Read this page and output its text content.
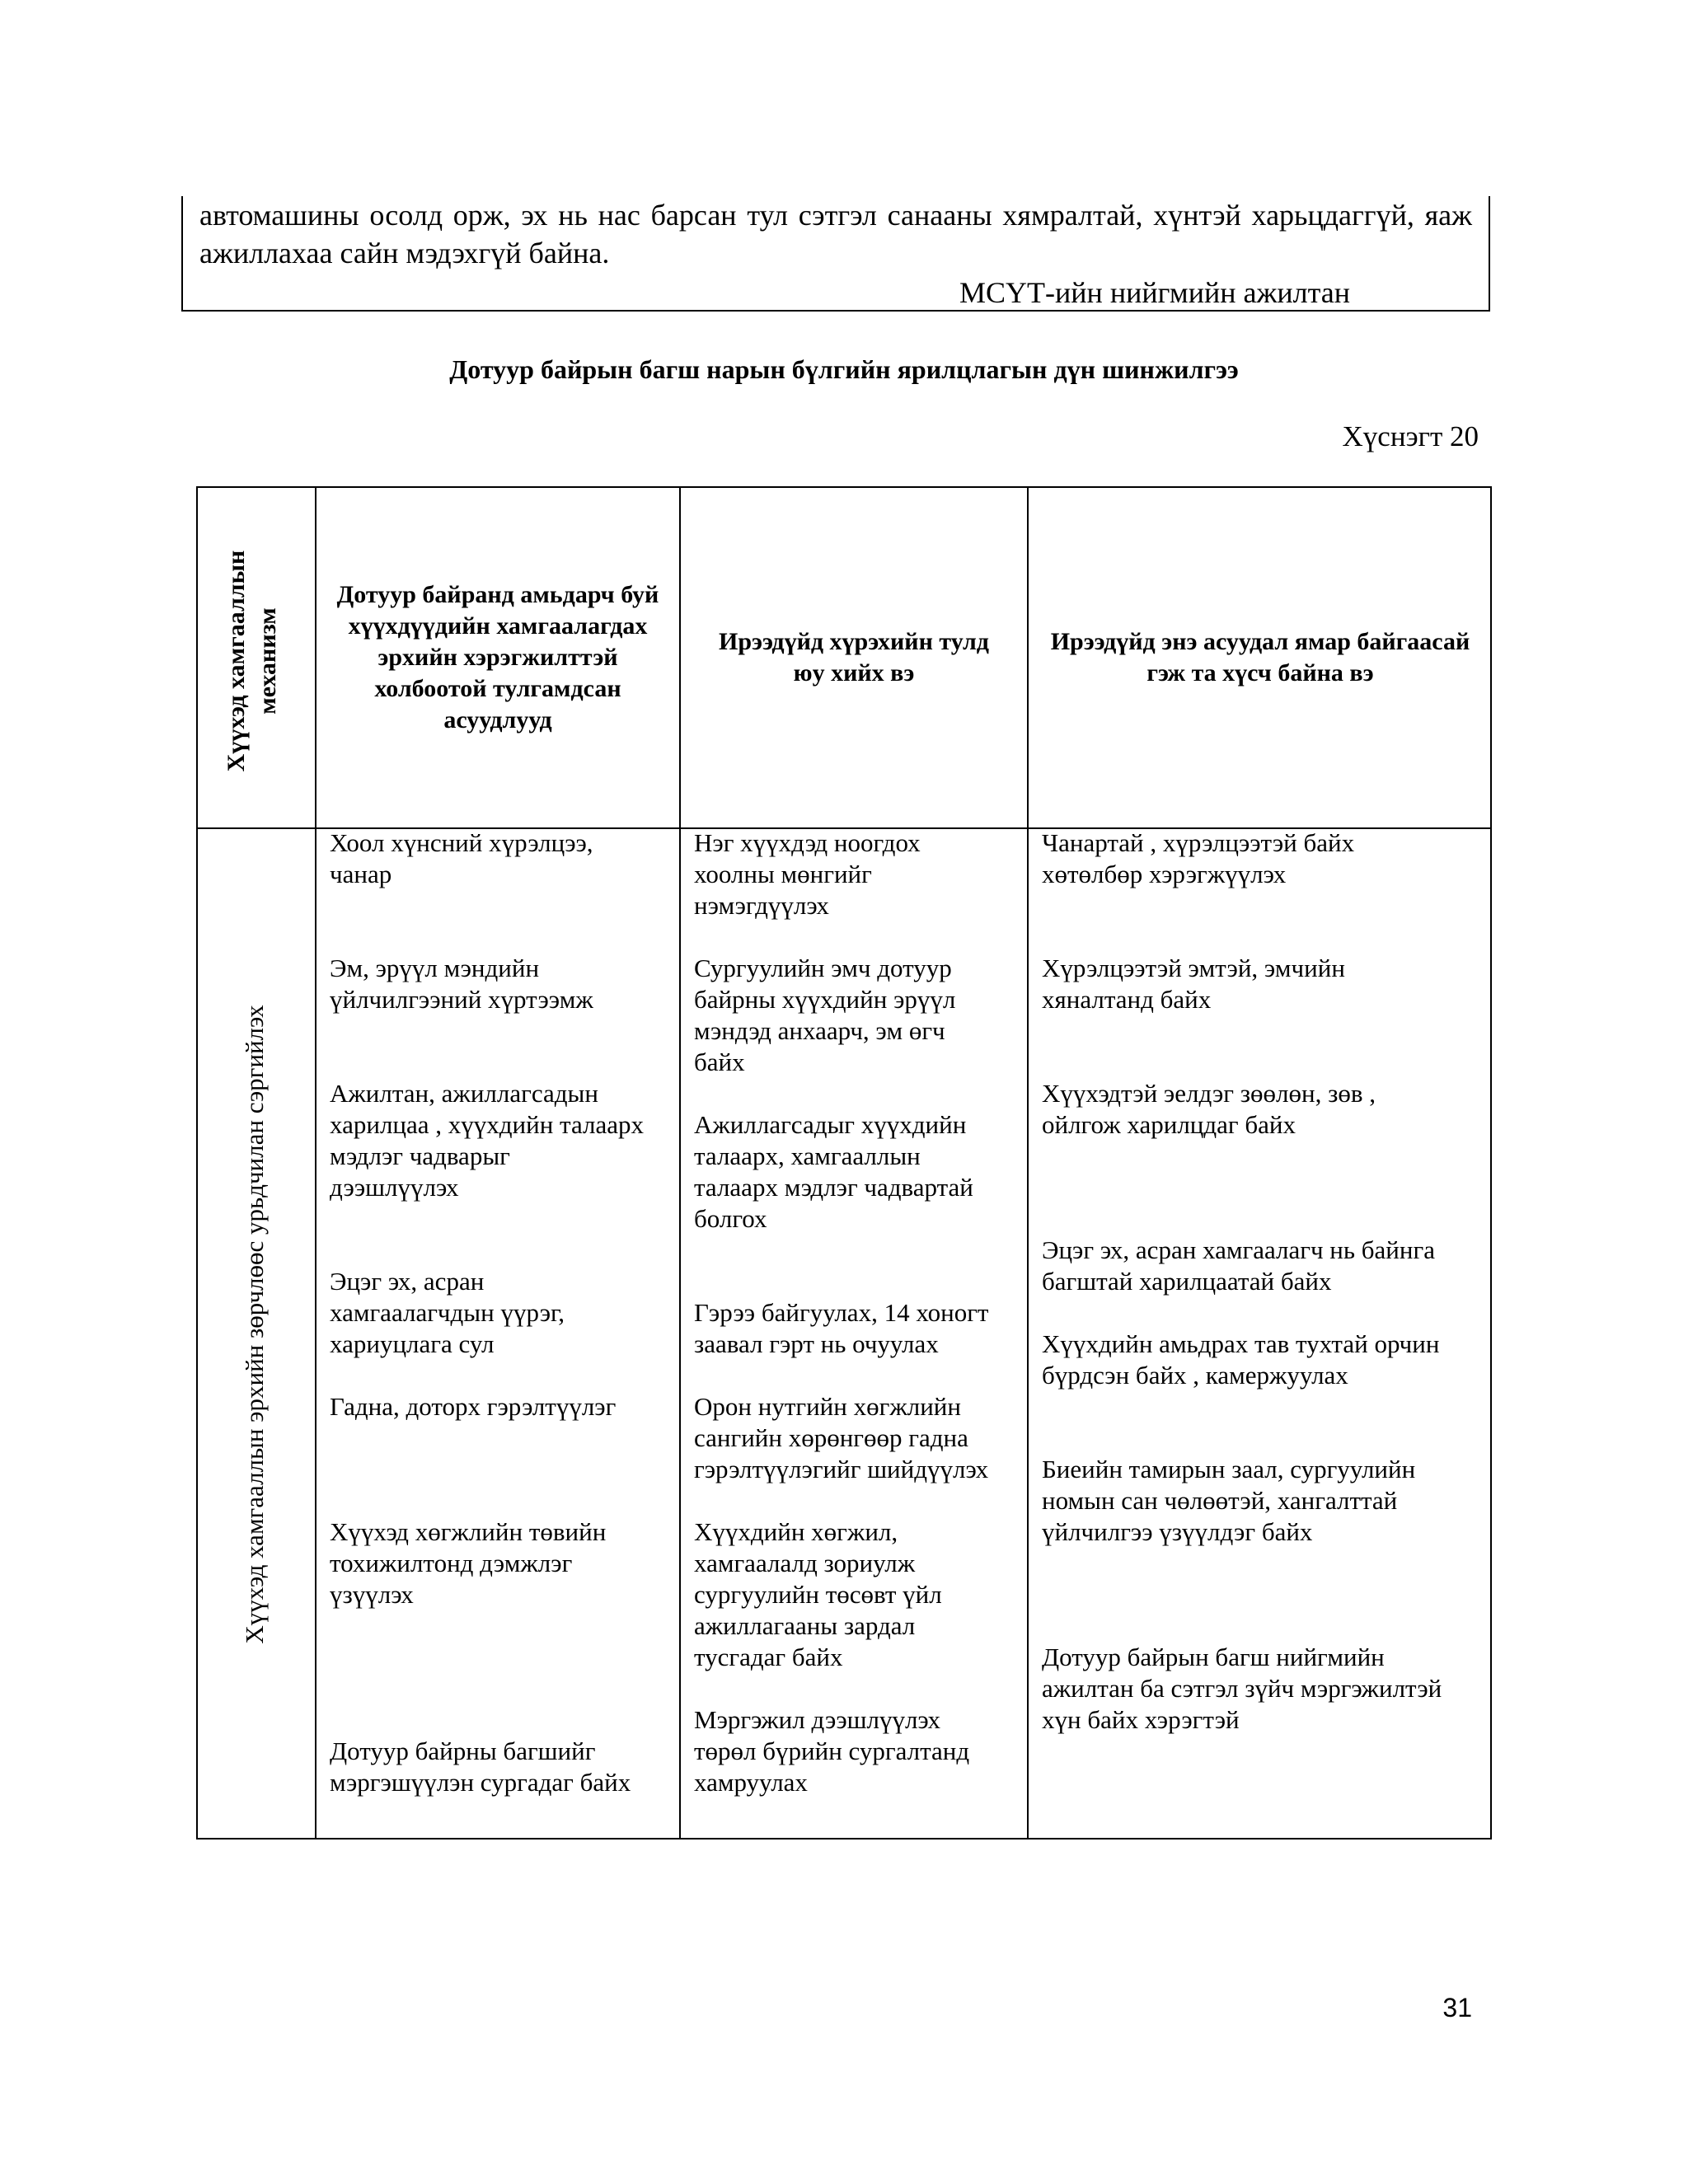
автомашины осолд орж, эх нь нас барсан тул сэтгэл санааны хямралтай, хүнтэй харьцдаггүй, яаж ажиллахаа сайн мэдэхгүй байна.
МСҮТ-ийн нийгмийн ажилтан
Дотуур байрын багш нарын бүлгийн ярилцлагын дүн шинжилгээ
Хүснэгт 20
Хүүхэд хамгааллын механизм
Дотуур байранд амьдарч буй хүүхдүүдийн хамгаалагдах эрхийн хэрэгжилттэй холбоотой тулгамдсан асуудлууд
Ирээдүйд хүрэхийн тулд юу хийх вэ
Ирээдүйд энэ асуудал ямар байгаасай гэж та хүсч байна вэ
Хүүхэд хамгааллын эрхийн зөрчлөөс урьдчилан сэргийлэх
Хоол хүнсний хүрэлцээ,
чанар
Эм, эрүүл мэндийн
үйлчилгээний хүртээмж
Ажилтан, ажиллагсадын
харилцаа , хүүхдийн талаарх
мэдлэг чадварыг
дээшлүүлэх
Эцэг эх, асран
хамгаалагчдын үүрэг,
хариуцлага сул
Гадна, доторх гэрэлтүүлэг
Хүүхэд хөгжлийн төвийн
тохижилтонд дэмжлэг
үзүүлэх
Дотуур байрны багшийг
мэргэшүүлэн сургадаг байх
Нэг хүүхдэд ноогдох
хоолны мөнгийг
нэмэгдүүлэх
Сургуулийн эмч дотуур
байрны хүүхдийн эрүүл
мэндэд анхаарч, эм өгч
байх
Ажиллагсадыг хүүхдийн
талаарх, хамгааллын
талаарх мэдлэг чадвартай
болгох
Гэрээ байгуулах, 14 хоногт
заавал гэрт нь очуулах
Орон нутгийн хөгжлийн
сангийн хөрөнгөөр гадна
гэрэлтүүлэгийг шийдүүлэх
Хүүхдийн хөгжил,
хамгаалалд зориулж
сургуулийн төсөвт үйл
ажиллагааны зардал
тусгадаг байх
Мэргэжил дээшлүүлэх
төрөл бүрийн сургалтанд
хамруулах
Чанартай , хүрэлцээтэй байх
хөтөлбөр хэрэгжүүлэх
Хүрэлцээтэй эмтэй, эмчийн
хяналтанд байх
Хүүхэдтэй эелдэг зөөлөн, зөв ,
ойлгож харилцдаг байх
Эцэг эх, асран хамгаалагч нь байнга
багштай харилцаатай байх
Хүүхдийн амьдрах тав тухтай орчин
бүрдсэн байх , камержуулах
Биеийн тамирын заал, сургуулийн
номын сан чөлөөтэй, хангалттай
үйлчилгээ үзүүлдэг байх
Дотуур байрын багш нийгмийн
ажилтан ба сэтгэл зүйч мэргэжилтэй
хүн байх хэрэгтэй
31
